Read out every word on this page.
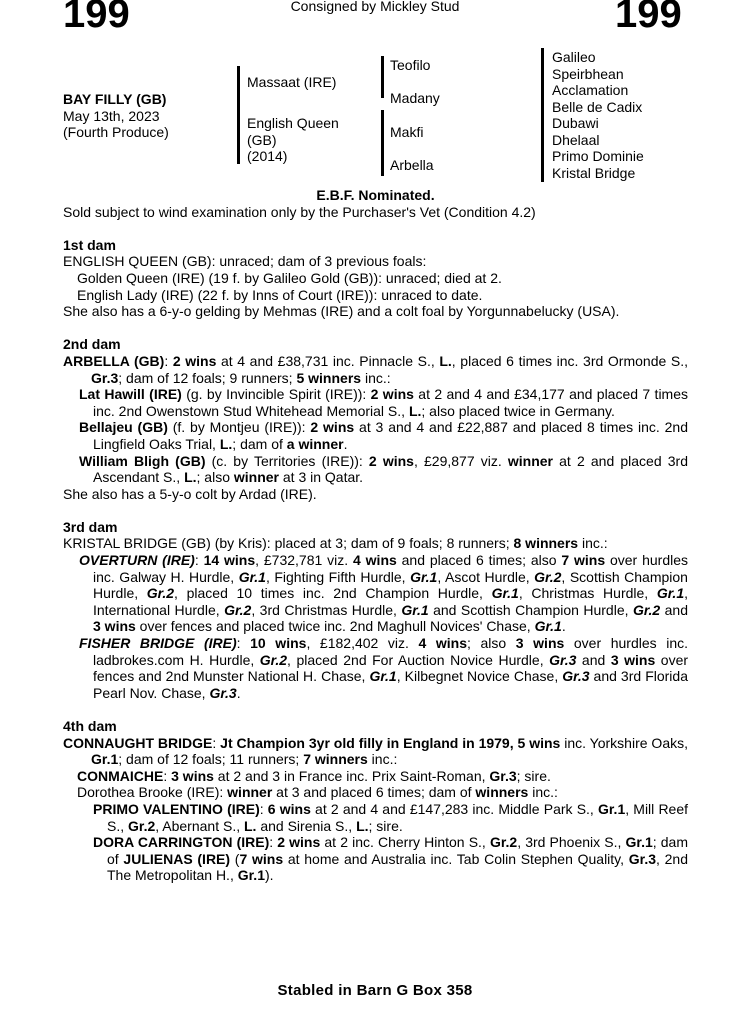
199	Consigned by Mickley Stud	199
BAY FILLY (GB)
May 13th, 2023
(Fourth Produce)
Massaat (IRE)
English Queen
(GB)
(2014)
Teofilo
Madany
Makfi
Arbella
Galileo
Speirbhean
Acclamation
Belle de Cadix
Dubawi
Dhelaal
Primo Dominie
Kristal Bridge

E.B.F. Nominated.

Sold subject to wind examination only by the Purchaser's Vet (Condition 4.2)

1st dam

ENGLISH QUEEN (GB): unraced; dam of 3 previous foals:

Golden Queen (IRE) (19 f. by Galileo Gold (GB)): unraced; died at 2.

English Lady (IRE) (22 f. by Inns of Court (IRE)): unraced to date.

She also has a 6-y-o gelding by Mehmas (IRE) and a colt foal by Yorgunnabelucky (USA).

2nd dam

ARBELLA (GB): 2 wins at 4 and £38,731 inc. Pinnacle S., L., placed 6 times inc. 3rd Ormonde S., Gr.3; dam of 12 foals; 9 runners; 5 winners inc.:

Lat Hawill (IRE) (g. by Invincible Spirit (IRE)): 2 wins at 2 and 4 and £34,177 and placed 7 times inc. 2nd Owenstown Stud Whitehead Memorial S., L.; also placed twice in Germany.

Bellajeu (GB) (f. by Montjeu (IRE)): 2 wins at 3 and 4 and £22,887 and placed 8 times inc. 2nd Lingfield Oaks Trial, L.; dam of a winner.

William Bligh (GB) (c. by Territories (IRE)): 2 wins, £29,877 viz. winner at 2 and placed 3rd Ascendant S., L.; also winner at 3 in Qatar.

She also has a 5-y-o colt by Ardad (IRE).

3rd dam

KRISTAL BRIDGE (GB) (by Kris): placed at 3; dam of 9 foals; 8 runners; 8 winners inc.:

OVERTURN (IRE): 14 wins, £732,781 viz. 4 wins and placed 6 times; also 7 wins over hurdles inc. Galway H. Hurdle, Gr.1, Fighting Fifth Hurdle, Gr.1, Ascot Hurdle, Gr.2, Scottish Champion Hurdle, Gr.2, placed 10 times inc. 2nd Champion Hurdle, Gr.1, Christmas Hurdle, Gr.1, International Hurdle, Gr.2, 3rd Christmas Hurdle, Gr.1 and Scottish Champion Hurdle, Gr.2 and 3 wins over fences and placed twice inc. 2nd Maghull Novices' Chase, Gr.1.

FISHER BRIDGE (IRE): 10 wins, £182,402 viz. 4 wins; also 3 wins over hurdles inc. ladbrokes.com H. Hurdle, Gr.2, placed 2nd For Auction Novice Hurdle, Gr.3 and 3 wins over fences and 2nd Munster National H. Chase, Gr.1, Kilbegnet Novice Chase, Gr.3 and 3rd Florida Pearl Nov. Chase, Gr.3.

4th dam

CONNAUGHT BRIDGE: Jt Champion 3yr old filly in England in 1979, 5 wins inc. Yorkshire Oaks, Gr.1; dam of 12 foals; 11 runners; 7 winners inc.:

CONMAICHE: 3 wins at 2 and 3 in France inc. Prix Saint-Roman, Gr.3; sire.

Dorothea Brooke (IRE): winner at 3 and placed 6 times; dam of winners inc.:

PRIMO VALENTINO (IRE): 6 wins at 2 and 4 and £147,283 inc. Middle Park S., Gr.1, Mill Reef S., Gr.2, Abernant S., L. and Sirenia S., L.; sire.

DORA CARRINGTON (IRE): 2 wins at 2 inc. Cherry Hinton S., Gr.2, 3rd Phoenix S., Gr.1; dam of JULIENAS (IRE) (7 wins at home and Australia inc. Tab Colin Stephen Quality, Gr.3, 2nd The Metropolitan H., Gr.1).

Stabled in Barn G Box 358
